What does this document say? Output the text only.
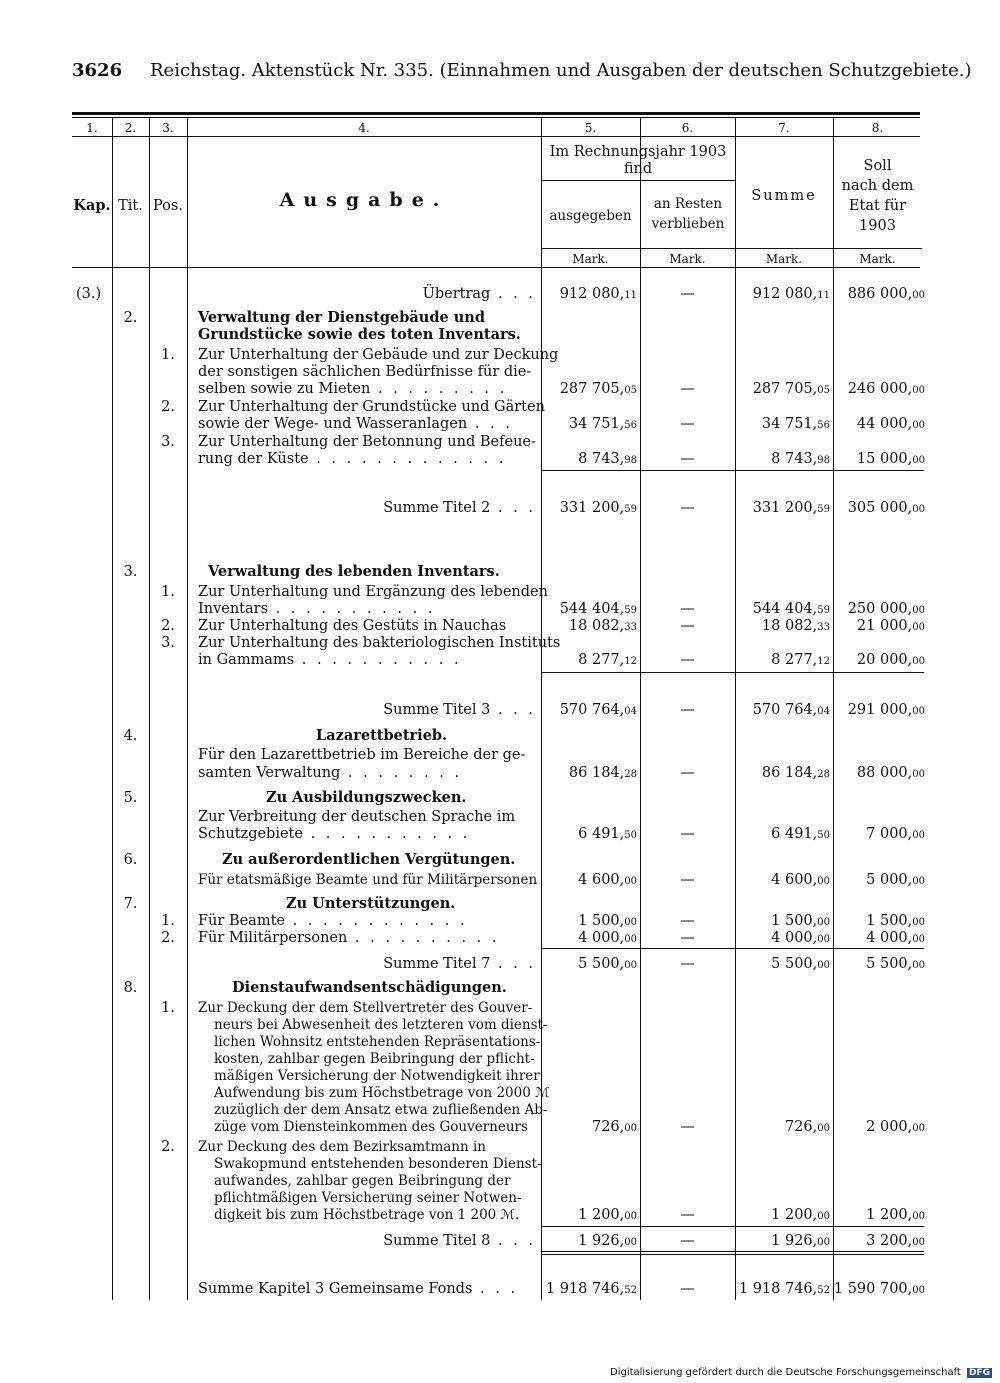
3626 Reichstag. Aktenstück Nr. 335. (Einnahmen und Ausgaben der deutschen Schutzgebiete.)
1.	2.	3.	4.	5.	6.	7.	8.
Kap. Tit. Pos.	Ausgabe.
Im Rechnungsjahr 1903 find
ausgegeben
an Resten verblieben
Summe
Soll
nach dem
Etat für
1903
Mark.	Mark.	Mark.	Mark.
(3.)	Übertrag . . .	912 080,11	—	912 080,11	886 000,00
2.	Verwaltung der Dienstgebäude und
Grundstücke sowie des toten Inventars.
1.	Zur Unterhaltung der Gebäude und zur Deckung
der sonstigen sächlichen Bedürfnisse für die-
selben sowie zu Mieten . . . . . . . . .	287 705,05	—	287 705,05	246 000,00
2.	Zur Unterhaltung der Grundstücke und Gärten
sowie der Wege- und Wasseranlagen . . .	34 751,56	—	34 751,56	44 000,00
3.	Zur Unterhaltung der Betonnung und Befeue-
rung der Küste . . . . . . . . . . . . .	8 743,98	—	8 743,98	15 000,00
Summe Titel 2 . . .	331 200,59	—	331 200,59	305 000,00
3.	Verwaltung des lebenden Inventars.
1.	Zur Unterhaltung und Ergänzung des lebenden
Inventars . . . . . . . . . . .	544 404,59	—	544 404,59	250 000,00
2.	Zur Unterhaltung des Gestüts in Nauchas	18 082,33	—	18 082,33	21 000,00
3.	Zur Unterhaltung des bakteriologischen Instituts
in Gammams . . . . . . . . . . .	8 277,12	—	8 277,12	20 000,00
Summe Titel 3 . . .	570 764,04	—	570 764,04	291 000,00
4.	Lazarettbetrieb.
Für den Lazarettbetrieb im Bereiche der ge-
samten Verwaltung . . . . . . . .	86 184,28	—	86 184,28	88 000,00
5.	Zu Ausbildungszwecken.
Zur Verbreitung der deutschen Sprache im
Schutzgebiete . . . . . . . . . . .	6 491,50	—	6 491,50	7 000,00
6.	Zu außerordentlichen Vergütungen.
Für etatsmäßige Beamte und für Militärpersonen	4 600,00	—	4 600,00	5 000,00
7.	Zu Unterstützungen.
1.	Für Beamte . . . . . . . . . . . .	1 500,00	—	1 500,00	1 500,00
2.	Für Militärpersonen . . . . . . . . . .	4 000,00	—	4 000,00	4 000,00
Summe Titel 7 . . .	5 500,00	—	5 500,00	5 500,00
8.	Dienstaufwandsentschädigungen.
1.	Zur Deckung der dem Stellvertreter des Gouver-
neurs bei Abwesenheit des letzteren vom dienst-
lichen Wohnsitz entstehenden Repräsentations-
kosten, zahlbar gegen Beibringung der pflicht-
mäßigen Versicherung der Notwendigkeit ihrer
Aufwendung bis zum Höchstbetrage von 2000 ℳ
zuzüglich der dem Ansatz etwa zufließenden Ab-
züge vom Diensteinkommen des Gouverneurs	726,00	—	726,00	2 000,00
2.	Zur Deckung des dem Bezirksamtmann in
Swakopmund entstehenden besonderen Dienst-
aufwandes, zahlbar gegen Beibringung der
pflichtmäßigen Versicherung seiner Notwen-
digkeit bis zum Höchstbetrage von 1 200 ℳ.	1 200,00	—	1 200,00	1 200,00
Summe Titel 8 . . .	1 926,00	—	1 926,00	3 200,00
Summe Kapitel 3 Gemeinsame Fonds . . .	1 918 746,52	—	1 918 746,52 1 590 700,00
Digitalisierung gefördert durch die Deutsche Forschungsgemeinschaft DFG
